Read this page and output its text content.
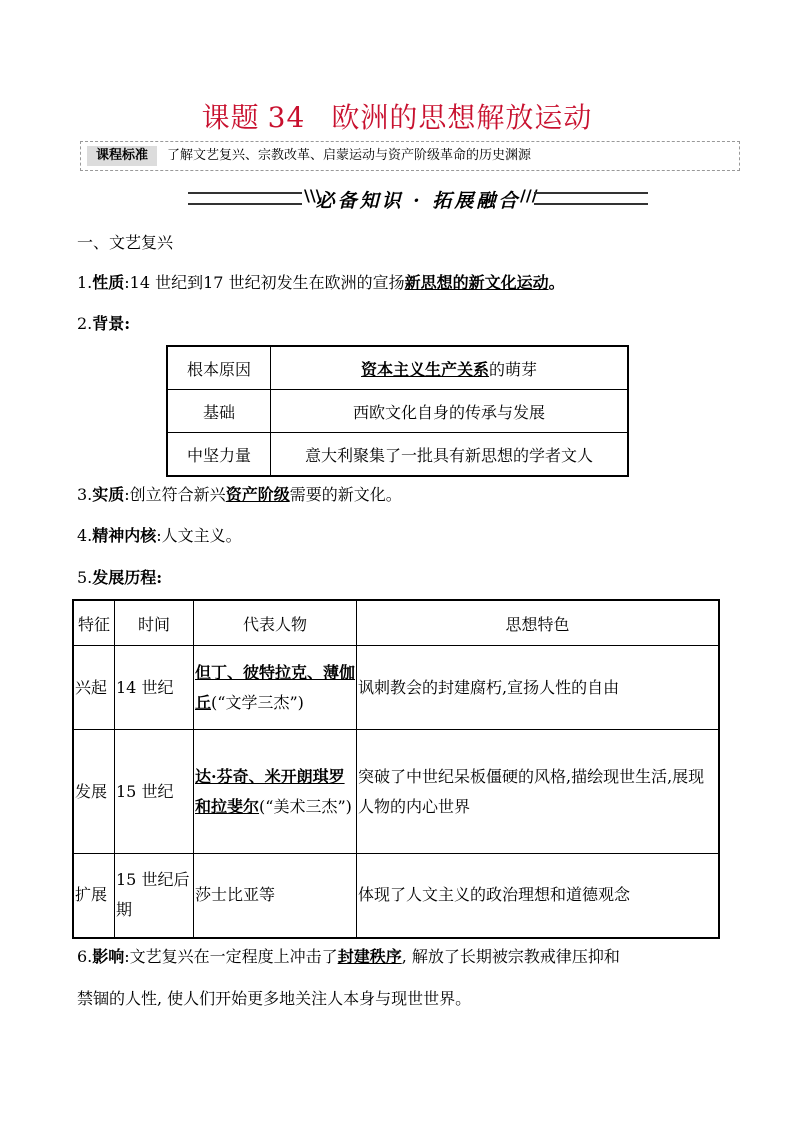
课题 34 欧洲的思想解放运动
课程标准	了解文艺复兴、宗教改革、启蒙运动与资产阶级革命的历史渊源
\\\
必备知识 · 拓展融合 ///
一、文艺复兴
1.性质:14 世纪到17 世纪初发生在欧洲的宣扬新思想的新文化运动。
2.背景:
根本原因	资本主义生产关系的萌芽
基础	西欧文化自身的传承与发展
中坚力量	意大利聚集了一批具有新思想的学者文人
3.实质:创立符合新兴资产阶级需要的新文化。
4.精神内核:人文主义。
5.发展历程:
特征	时间	代表人物	思想特色
兴起	14 世纪	但丁、彼特拉克、薄伽丘(“文学三杰”)	讽刺教会的封建腐朽,宣扬人性的自由
发展	15 世纪	达·芬奇、米开朗琪罗和拉斐尔(“美术三杰”)	突破了中世纪呆板僵硬的风格,描绘现世生活,展现人物的内心世界
扩展	15 世纪后期	莎士比亚等	体现了人文主义的政治理想和道德观念
6.影响:文艺复兴在一定程度上冲击了封建秩序, 解放了长期被宗教戒律压抑和
禁锢的人性, 使人们开始更多地关注人本身与现世世界。
